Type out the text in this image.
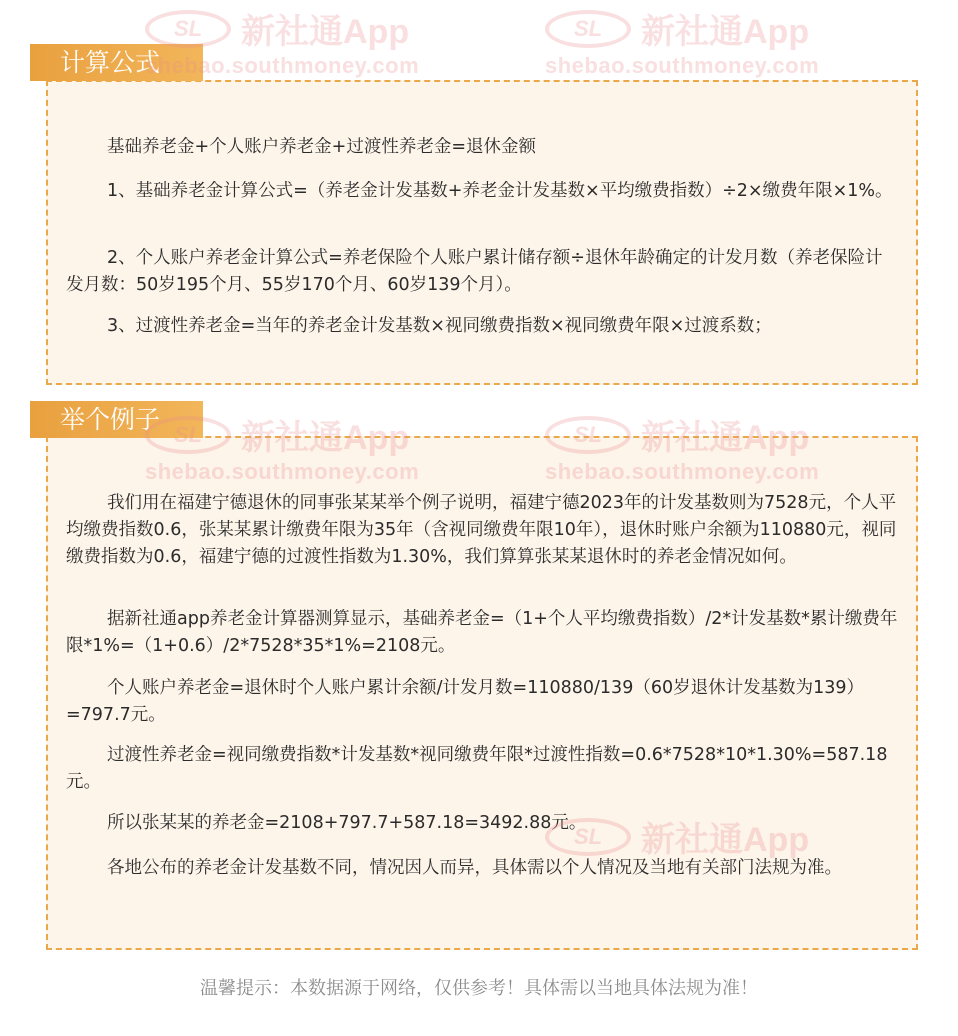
计算公式

基础养老金+个人账户养老金+过渡性养老金=退休金额

1、基础养老金计算公式=（养老金计发基数+养老金计发基数×平均缴费指数）÷2×缴费年限×1%。

2、个人账户养老金计算公式=养老保险个人账户累计储存额÷退休年龄确定的计发月数（养老保险计发月数：50岁195个月、55岁170个月、60岁139个月）。

3、过渡性养老金=当年的养老金计发基数×视同缴费指数×视同缴费年限×过渡系数；

举个例子

我们用在福建宁德退休的同事张某某举个例子说明，福建宁德2023年的计发基数则为7528元，个人平均缴费指数0.6，张某某累计缴费年限为35年（含视同缴费年限10年），退休时账户余额为110880元，视同缴费指数为0.6，福建宁德的过渡性指数为1.30%，我们算算张某某退休时的养老金情况如何。

据新社通app养老金计算器测算显示，基础养老金=（1+个人平均缴费指数）/2*计发基数*累计缴费年限*1%=（1+0.6）/2*7528*35*1%=2108元。

个人账户养老金=退休时个人账户累计余额/计发月数=110880/139（60岁退休计发基数为139）=797.7元。

过渡性养老金=视同缴费指数*计发基数*视同缴费年限*过渡性指数=0.6*7528*10*1.30%=587.18元。

所以张某某的养老金=2108+797.7+587.18=3492.88元。

各地公布的养老金计发基数不同，情况因人而异，具体需以个人情况及当地有关部门法规为准。

温馨提示：本数据源于网络，仅供参考！具体需以当地具体法规为准！
SL 新社通App
shebao.southmoney.com
SL 新社通App
shebao.southmoney.com
SL 新社通App
shebao.southmoney.com
SL 新社通App
shebao.southmoney.com
SL 新社通App
